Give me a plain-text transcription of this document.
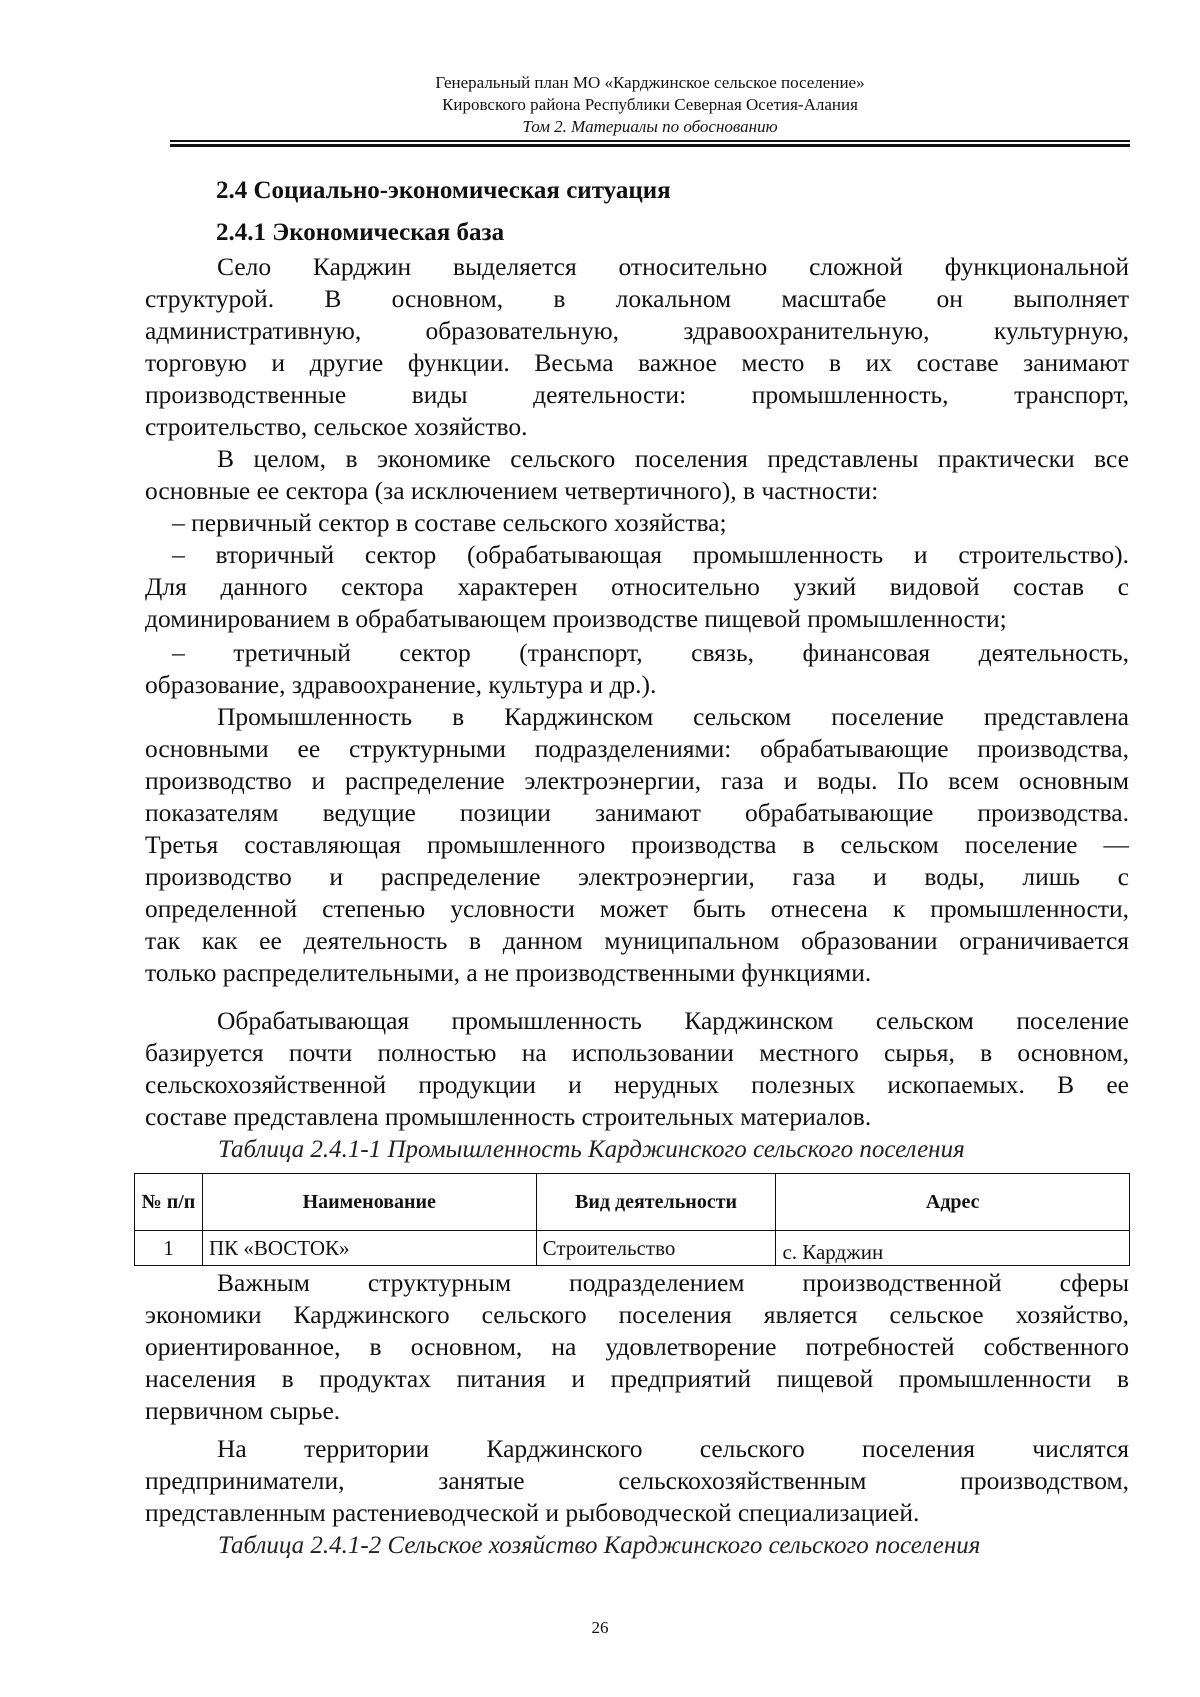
Генеральный план МО «Карджинское сельское поселение»
Кировского района Республики Северная Осетия-Алания
Том 2. Материалы по обоснованию
2.4 Социально-экономическая ситуация
2.4.1 Экономическая база
Село Карджин выделяется относительно сложной функциональной
структурой. В основном, в локальном масштабе он выполняет
административную, образовательную, здравоохранительную, культурную,
торговую и другие функции. Весьма важное место в их составе занимают
производственные виды деятельности: промышленность, транспорт,
строительство, сельское хозяйство.
В целом, в экономике сельского поселения представлены практически все
основные ее сектора (за исключением четвертичного), в частности:
– первичный сектор в составе сельского хозяйства;
– вторичный сектор (обрабатывающая промышленность и строительство).
Для данного сектора характерен относительно узкий видовой состав с
доминированием в обрабатывающем производстве пищевой промышленности;
– третичный сектор (транспорт, связь, финансовая деятельность,
образование, здравоохранение, культура и др.).
Промышленность в Карджинском сельском поселение представлена
основными ее структурными подразделениями: обрабатывающие производства,
производство и распределение электроэнергии, газа и воды. По всем основным
показателям ведущие позиции занимают обрабатывающие производства.
Третья составляющая промышленного производства в сельском поселение —
производство и распределение электроэнергии, газа и воды, лишь с
определенной степенью условности может быть отнесена к промышленности,
так как ее деятельность в данном муниципальном образовании ограничивается
только распределительными, а не производственными функциями.
Обрабатывающая промышленность Карджинском сельском поселение
базируется почти полностью на использовании местного сырья, в основном,
сельскохозяйственной продукции и нерудных полезных ископаемых. В ее
составе представлена промышленность строительных материалов.
Таблица 2.4.1-1 Промышленность Карджинского сельского поселения
№ п/п	Наименование	Вид деятельности	Адрес
1	ПК «ВОСТОК»	Строительство	с. Карджин
Важным структурным подразделением производственной сферы
экономики Карджинского сельского поселения является сельское хозяйство,
ориентированное, в основном, на удовлетворение потребностей собственного
населения в продуктах питания и предприятий пищевой промышленности в
первичном сырье.
На территории Карджинского сельского поселения числятся
предприниматели, занятые сельскохозяйственным производством,
представленным растениеводческой и рыбоводческой специализацией.
Таблица 2.4.1-2 Сельское хозяйство Карджинского сельского поселения
26
